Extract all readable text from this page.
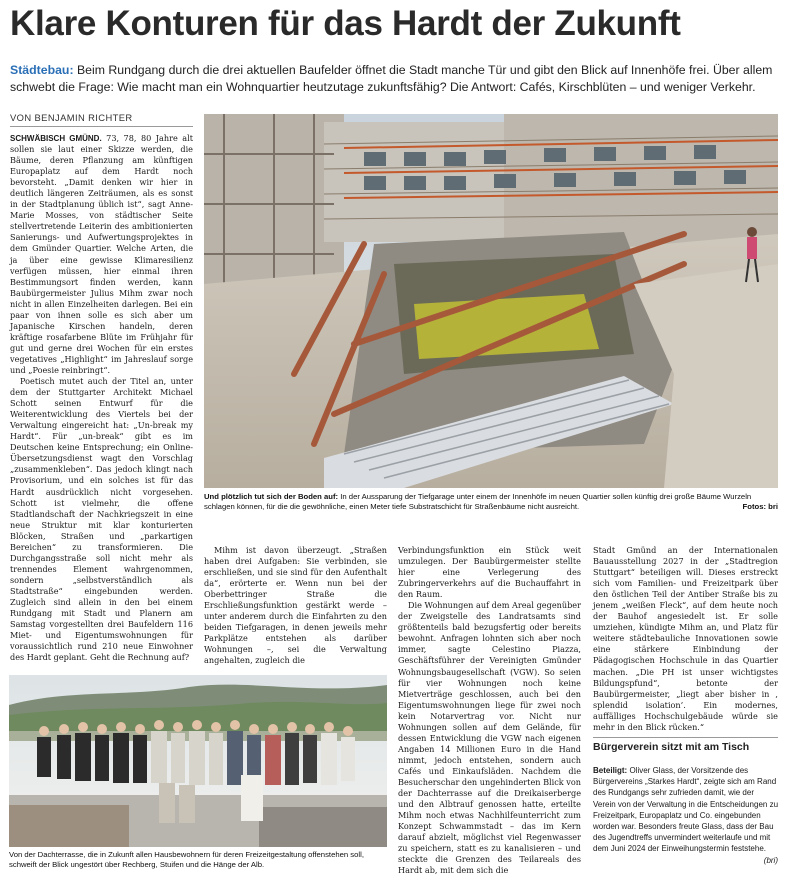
Klare Konturen für das Hardt der Zukunft
Städtebau: Beim Rundgang durch die drei aktuellen Baufelder öffnet die Stadt manche Tür und gibt den Blick auf Innenhöfe frei. Über allem schwebt die Frage: Wie macht man ein Wohnquartier heutzutage zukunftsfähig? Die Antwort: Cafés, Kirschblüten – und weniger Verkehr.
VON BENJAMIN RICHTER

SCHWÄBISCH GMÜND. 73, 78, 80 Jahre alt sollen sie laut einer Skizze werden, die Bäume, deren Pflanzung am künftigen Europaplatz auf dem Hardt noch bevorsteht. „Damit denken wir hier in deutlich längeren Zeiträumen, als es sonst in der Stadtplanung üblich ist“, sagt Anne-Marie Mosses, von städtischer Seite stellvertretende Leiterin des ambitionierten Sanierungs- und Aufwertungsprojektes in dem Gmünder Quartier. Welche Arten, die ja über eine gewisse Klimaresilienz verfügen müssen, hier einmal ihren Bestimmungsort finden werden, kann Baubürgermeister Julius Mihm zwar noch nicht in allen Einzelheiten darlegen. Bei ein paar von ihnen solle es sich aber um Japanische Kirschen handeln, deren kräftige rosafarbene Blüte im Frühjahr für gut und gerne drei Wochen für ein erstes vegetatives „Highlight“ im Jahreslauf sorge und „Poesie reinbringt“.

Poetisch mutet auch der Titel an, unter dem der Stuttgarter Architekt Michael Schott seinen Entwurf für die Weiterentwicklung des Viertels bei der Verwaltung eingereicht hat: „Un-break my Hardt“. Für „un-break“ gibt es im Deutschen keine Entsprechung; ein Online-Übersetzungsdienst wagt den Vorschlag „zusammenkleben“. Das jedoch klingt nach Provisorium, und ein solches ist für das Hardt ausdrücklich nicht vorgesehen. Schott ist vielmehr, die offene Stadtlandschaft der Nachkriegszeit in eine neue Struktur mit klar konturierten Blöcken, Straßen und „parkartigen Bereichen“ zu transformieren. Die Durchgangsstraße soll nicht mehr als trennendes Element wahrgenommen, sondern „selbstverständlich als Stadtstraße“ eingebunden werden. Zugleich sind allein in den bei einem Rundgang mit Stadt und Planern am Samstag vorgestellten drei Baufeldern 116 Miet- und Eigentumswohnungen für voraussichtlich rund 210 neue Einwohner des Hardt geplant. Geht die Rechnung auf?

Und plötzlich tut sich der Boden auf: In der Aussparung der Tiefgarage unter einem der Innenhöfe im neuen Quartier sollen künftig drei große Bäume Wurzeln schlagen können, für die die gewöhnliche, einen Meter tiefe Substratschicht für Straßenbäume nicht ausreicht.	Fotos: bri

Mihm ist davon überzeugt. „Straßen haben drei Aufgaben: Sie verbinden, sie erschließen, und sie sind für den Aufenthalt da“, erörterte er. Wenn nun bei der Oberbettringer Straße die Erschließungsfunktion gestärkt werde – unter anderem durch die Einfahrten zu den beiden Tiefgaragen, in denen jeweils mehr Parkplätze entstehen als darüber Wohnungen –, sei die Verwaltung angehalten, zugleich die

Von der Dachterrasse, die in Zukunft allen Hausbewohnern für deren Freizeitgestaltung offenstehen soll, schweift der Blick ungestört über Rechberg, Stuifen und die Hänge der Alb.

Verbindungsfunktion ein Stück weit umzulegen. Der Baubürgermeister stellte hier eine Verlegerung des Zubringerverkehrs auf die Buchauffahrt in den Raum.

Die Wohnungen auf dem Areal gegenüber der Zweigstelle des Landratsamts sind größtenteils bald bezugsfertig oder bereits bewohnt. Anfragen lohnten sich aber noch immer, sagte Celestino Piazza, Geschäftsführer der Vereinigten Gmünder Wohnungsbaugesellschaft (VGW). So seien für vier Wohnungen noch keine Mietverträge geschlossen, auch bei den Eigentumswohnungen liege für zwei noch kein Notarvertrag vor. Nicht nur Wohnungen sollen auf dem Gelände, für dessen Entwicklung die VGW nach eigenen Angaben 14 Millionen Euro in die Hand nimmt, jedoch entstehen, sondern auch Cafés und Einkaufsläden. Nachdem die Besucherschar den ungehinderten Blick von der Dachterrasse auf die Dreikaiserberge und den Albtrauf genossen hatte, erteilte Mihm noch etwas Nachhilfeunterricht zum Konzept Schwammstadt – das im Kern darauf abzielt, möglichst viel Regenwasser zu speichern, statt es zu kanalisieren – und steckte die Grenzen des Teilareals des Hardt ab, mit dem sich die

Stadt Gmünd an der Internationalen Bauausstellung 2027 in der „Stadtregion Stuttgart“ beteiligen will. Dieses erstreckt sich vom Familien- und Freizeitpark über den östlichen Teil der Antiber Straße bis zu jenem „weißen Fleck“, auf dem heute noch der Bauhof angesiedelt ist. Er solle umziehen, kündigte Mihm an, und Platz für weitere städtebauliche Innovationen sowie eine stärkere Einbindung der Pädagogischen Hochschule in das Quartier machen. „Die PH ist unser wichtigstes Bildungspfund“, betonte der Baubürgermeister, „liegt aber bisher in , splendid isolation’. Ein modernes, auffälliges Hochschulgebäude würde sie mehr in den Blick rücken.“

Bürgerverein sitzt mit am Tisch
Beteiligt: Oliver Glass, der Vorsitzende des Bürgervereins „Starkes Hardt“, zeigte sich am Rand des Rundgangs sehr zufrieden damit, wie der Verein von der Verwaltung in die Entscheidungen zu Freizeitpark, Europaplatz und Co. eingebunden worden war. Besonders freute Glass, dass der Bau des Jugendtreffs unvermindert weiterlaufe und mit dem Juni 2024 der Einweihungstermin feststehe.
(bri)
